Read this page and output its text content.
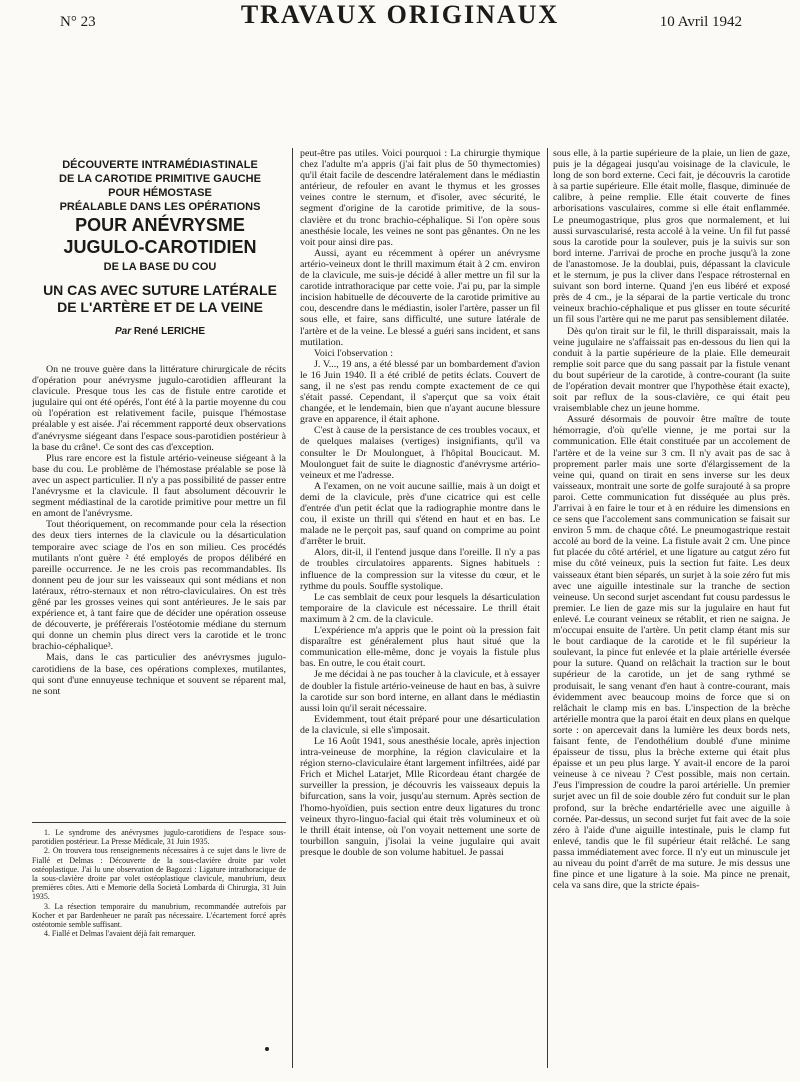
N° 23	10 Avril 1942
TRAVAUX ORIGINAUX
DÉCOUVERTE INTRAMÉDIASTINALE
DE LA CAROTIDE PRIMITIVE GAUCHE
POUR HÉMOSTASE
PRÉALABLE DANS LES OPÉRATIONS
POUR ANÉVRYSME
JUGULO-CAROTIDIEN
DE LA BASE DU COU
UN CAS AVEC SUTURE LATÉRALE
DE L'ARTÈRE ET DE LA VEINE
Par René LERICHE

On ne trouve guère dans la littérature chirurgicale de récits d'opération pour anévrysme jugulo-carotidien affleurant la clavicule. Presque tous les cas de fistule entre carotide et jugulaire qui ont été opérés, l'ont été à la partie moyenne du cou où l'opération est relativement facile, puisque l'hémostase préalable y est aisée. J'ai récemment rapporté deux observations d'anévrysme siégeant dans l'espace sous-parotidien postérieur à la base du crâne¹. Ce sont des cas d'exception.

Plus rare encore est la fistule artério-veineuse siégeant à la base du cou. Le problème de l'hémostase préalable se pose là avec un aspect particulier. Il n'y a pas possibilité de passer entre l'anévrysme et la clavicule. Il faut absolument découvrir le segment médiastinal de la carotide primitive pour mettre un fil en amont de l'anévrysme.

Tout théoriquement, on recommande pour cela la résection des deux tiers internes de la clavicule ou la désarticulation temporaire avec sciage de l'os en son milieu. Ces procédés mutilants n'ont guère ² été employés de propos délibéré en pareille occurrence. Je ne les crois pas recommandables. Ils donnent peu de jour sur les vaisseaux qui sont médians et non latéraux, rétro-sternaux et non rétro-claviculaires. On est très gêné par les grosses veines qui sont antérieures. Je le sais par expérience et, à tant faire que de décider une opération osseuse de découverte, je préférerais l'ostéotomie médiane du sternum qui donne un chemin plus direct vers la carotide et le tronc brachio-céphalique³.

Mais, dans le cas particulier des anévrysmes jugulo-carotidiens de la base, ces opérations complexes, mutilantes, qui sont d'une ennuyeuse technique et souvent se réparent mal, ne sont

1. Le syndrome des anévrysmes jugulo-carotidiens de l'espace sous-parotidien postérieur. La Presse Médicale, 31 Juin 1935.

2. On trouvera tous renseignements nécessaires à ce sujet dans le livre de Fiallé et Delmas : Découverte de la sous-clavière droite par volet ostéoplastique. J'ai lu une observation de Bagozzi : Ligature intrathoracique de la sous-clavière droite par volet ostéoplastique clavicule, manubrium, deux premières côtes. Atti e Memorie della Società Lombarda di Chirurgia, 31 Juin 1935.

3. La résection temporaire du manubrium, recommandée autrefois par Kocher et par Bardenheuer ne paraît pas nécessaire. L'écartement forcé après ostéotomie semble suffisant.

4. Fiallé et Delmas l'avaient déjà fait remarquer.

peut-être pas utiles. Voici pourquoi : La chirurgie thymique chez l'adulte m'a appris (j'ai fait plus de 50 thymectomies) qu'il était facile de descendre latéralement dans le médiastin antérieur, de refouler en avant le thymus et les grosses veines contre le sternum, et d'isoler, avec sécurité, le segment d'origine de la carotide primitive, de la sous-clavière et du tronc brachio-céphalique. Si l'on opère sous anesthésie locale, les veines ne sont pas gênantes. On ne les voit pour ainsi dire pas.

Aussi, ayant eu récemment à opérer un anévrysme artério-veineux dont le thrill maximum était à 2 cm. environ de la clavicule, me suis-je décidé à aller mettre un fil sur la carotide intrathoracique par cette voie. J'ai pu, par la simple incision habituelle de découverte de la carotide primitive au cou, descendre dans le médiastin, isoler l'artère, passer un fil sous elle, et faire, sans difficulté, une suture latérale de l'artère et de la veine. Le blessé a guéri sans incident, et sans mutilation.

Voici l'observation :

J. V..., 19 ans, a été blessé par un bombardement d'avion le 16 Juin 1940. Il a été criblé de petits éclats. Couvert de sang, il ne s'est pas rendu compte exactement de ce qui s'était passé. Cependant, il s'aperçut que sa voix était changée, et le lendemain, bien que n'ayant aucune blessure grave en apparence, il était aphone.

C'est à cause de la persistance de ces troubles vocaux, et de quelques malaises (vertiges) insignifiants, qu'il va consulter le Dr Moulonguet, à l'hôpital Boucicaut. M. Moulonguet fait de suite le diagnostic d'anévrysme artério-veineux et me l'adresse.

A l'examen, on ne voit aucune saillie, mais à un doigt et demi de la clavicule, près d'une cicatrice qui est celle d'entrée d'un petit éclat que la radiographie montre dans le cou, il existe un thrill qui s'étend en haut et en bas. Le malade ne le perçoit pas, sauf quand on comprime au point d'arrêter le bruit.

Alors, dit-il, il l'entend jusque dans l'oreille. Il n'y a pas de troubles circulatoires apparents. Signes habituels : influence de la compression sur la vitesse du cœur, et le rythme du pouls. Souffle systolique.

Le cas semblait de ceux pour lesquels la désarticulation temporaire de la clavicule est nécessaire. Le thrill était maximum à 2 cm. de la clavicule.

L'expérience m'a appris que le point où la pression fait disparaître est généralement plus haut situé que la communication elle-même, donc je voyais la fistule plus bas. En outre, le cou était court.

Je me décidai à ne pas toucher à la clavicule, et à essayer de doubler la fistule artério-veineuse de haut en bas, à suivre la carotide sur son bord interne, en allant dans le médiastin aussi loin qu'il serait nécessaire.

Evidemment, tout était préparé pour une désarticulation de la clavicule, si elle s'imposait.

Le 16 Août 1941, sous anesthésie locale, après injection intra-veineuse de morphine, la région claviculaire et la région sterno-claviculaire étant largement infiltrées, aidé par Frich et Michel Latarjet, Mlle Ricordeau étant chargée de surveiller la pression, je découvris les vaisseaux depuis la bifurcation, sans la voir, jusqu'au sternum. Après section de l'homo-hyoïdien, puis section entre deux ligatures du tronc veineux thyro-linguo-facial qui était très volumineux et où le thrill était intense, où l'on voyait nettement une sorte de tourbillon sanguin, j'isolai la veine jugulaire qui avait presque le double de son volume habituel. Je passai

sous elle, à la partie supérieure de la plaie, un lien de gaze, puis je la dégageai jusqu'au voisinage de la clavicule, le long de son bord externe. Ceci fait, je découvris la carotide à sa partie supérieure. Elle était molle, flasque, diminuée de calibre, à peine remplie. Elle était couverte de fines arborisations vasculaires, comme si elle était enflammée. Le pneumogastrique, plus gros que normalement, et lui aussi survascularisé, resta accolé à la veine. Un fil fut passé sous la carotide pour la soulever, puis je la suivis sur son bord interne. J'arrivai de proche en proche jusqu'à la zone de l'anastomose. Je la doublai, puis, dépassant la clavicule et le sternum, je pus la cliver dans l'espace rétrosternal en suivant son bord interne. Quand j'en eus libéré et exposé près de 4 cm., je la séparai de la partie verticale du tronc veineux brachio-céphalique et pus glisser en toute sécurité un fil sous l'artère qui ne me parut pas sensiblement dilatée.

Dès qu'on tirait sur le fil, le thrill disparaissait, mais la veine jugulaire ne s'affaissait pas en-dessous du lien qui la conduit à la partie supérieure de la plaie. Elle demeurait remplie soit parce que du sang passait par la fistule venant du bout supérieur de la carotide, à contre-courant (la suite de l'opération devait montrer que l'hypothèse était exacte), soit par reflux de la sous-clavière, ce qui était peu vraisemblable chez un jeune homme.

Assuré désormais de pouvoir être maître de toute hémorragie, d'où qu'elle vienne, je me portai sur la communication. Elle était constituée par un accolement de l'artère et de la veine sur 3 cm. Il n'y avait pas de sac à proprement parler mais une sorte d'élargissement de la veine qui, quand on tirait en sens inverse sur les deux vaisseaux, montrait une sorte de golfe surajouté à sa propre paroi. Cette communication fut disséquée au plus près. J'arrivai à en faire le tour et à en réduire les dimensions en ce sens que l'accolement sans communication se faisait sur environ 5 mm. de chaque côté. Le pneumogastrique restait accolé au bord de la veine. La fistule avait 2 cm. Une pince fut placée du côté artériel, et une ligature au catgut zéro fut mise du côté veineux, puis la section fut faite. Les deux vaisseaux étant bien séparés, un surjet à la soie zéro fut mis avec une aiguille intestinale sur la tranche de section veineuse. Un second surjet ascendant fut cousu pardessus le premier. Le lien de gaze mis sur la jugulaire en haut fut enlevé. Le courant veineux se rétablit, et rien ne saigna. Je m'occupai ensuite de l'artère. Un petit clamp étant mis sur le bout cardiaque de la carotide et le fil supérieur la soulevant, la pince fut enlevée et la plaie artérielle éversée pour la suture. Quand on relâchait la traction sur le bout supérieur de la carotide, un jet de sang rythmé se produisait, le sang venant d'en haut à contre-courant, mais évidemment avec beaucoup moins de force que si on relâchait le clamp mis en bas. L'inspection de la brèche artérielle montra que la paroi était en deux plans en quelque sorte : on apercevait dans la lumière les deux bords nets, faisant fente, de l'endothélium doublé d'une minime épaisseur de tissu, plus la brèche externe qui était plus épaisse et un peu plus large. Y avait-il encore de la paroi veineuse à ce niveau ? C'est possible, mais non certain. J'eus l'impression de coudre la paroi artérielle. Un premier surjet avec un fil de soie double zéro fut conduit sur le plan profond, sur la brèche endartérielle avec une aiguille à cornée. Par-dessus, un second surjet fut fait avec de la soie zéro à l'aide d'une aiguille intestinale, puis le clamp fut enlevé, tandis que le fil supérieur était relâché. Le sang passa immédiatement avec force. Il n'y eut un minuscule jet au niveau du point d'arrêt de ma suture. Je mis dessus une fine pince et une ligature à la soie. Ma pince ne prenait, cela va sans dire, que la stricte épais-
